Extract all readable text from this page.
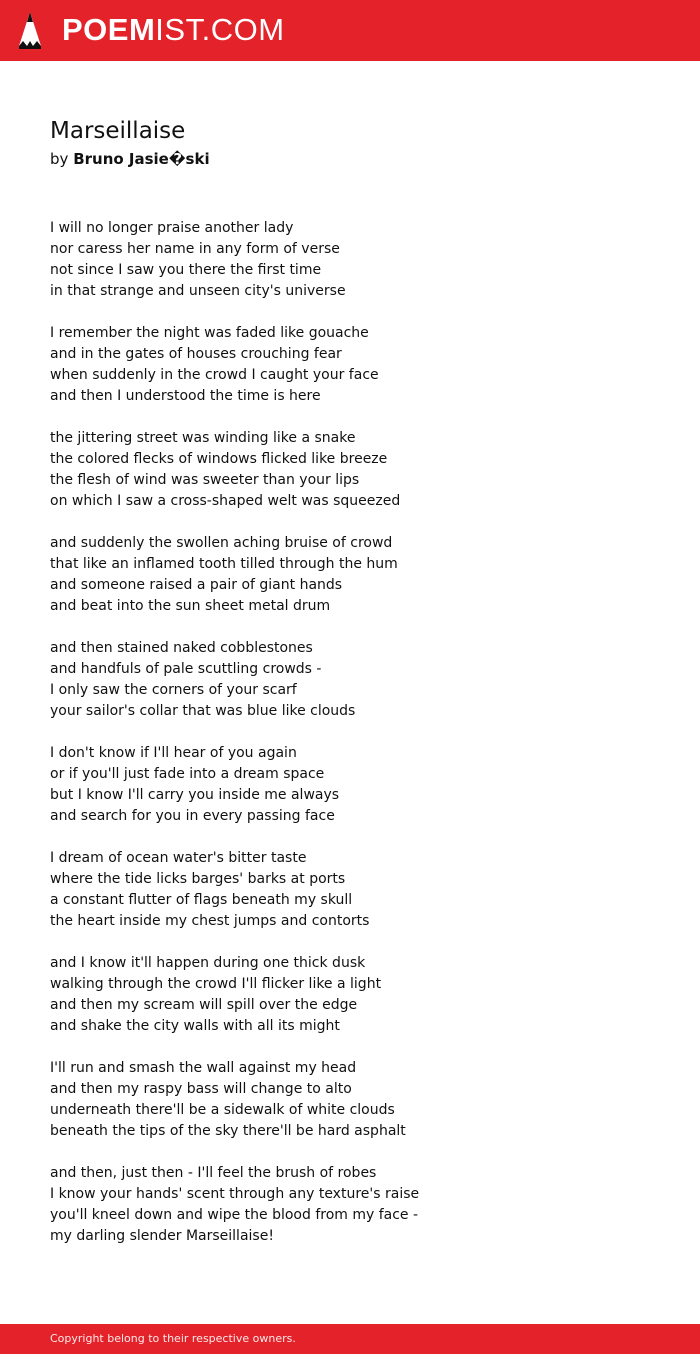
POEMIST.COM
Marseillaise
by Bruno Jasie�ski
I will no longer praise another lady
nor caress her name in any form of verse
not since I saw you there the first time
in that strange and unseen city's universe
I remember the night was faded like gouache
and in the gates of houses crouching fear
when suddenly in the crowd I caught your face
and then I understood the time is here
the jittering street was winding like a snake
the colored flecks of windows flicked like breeze
the flesh of wind was sweeter than your lips
on which I saw a cross-shaped welt was squeezed
and suddenly the swollen aching bruise of crowd
that like an inflamed tooth tilled through the hum
and someone raised a pair of giant hands
and beat into the sun sheet metal drum
and then stained naked cobblestones
and handfuls of pale scuttling crowds -
I only saw the corners of your scarf
your sailor's collar that was blue like clouds
I don't know if I'll hear of you again
or if you'll just fade into a dream space
but I know I'll carry you inside me always
and search for you in every passing face
I dream of ocean water's bitter taste
where the tide licks barges' barks at ports
a constant flutter of flags beneath my skull
the heart inside my chest jumps and contorts
and I know it'll happen during one thick dusk
walking through the crowd I'll flicker like a light
and then my scream will spill over the edge
and shake the city walls with all its might
I'll run and smash the wall against my head
and then my raspy bass will change to alto
underneath there'll be a sidewalk of white clouds
beneath the tips of the sky there'll be hard asphalt
and then, just then - I'll feel the brush of robes
I know your hands' scent through any texture's raise
you'll kneel down and wipe the blood from my face -
my darling slender Marseillaise!
Copyright belong to their respective owners.
